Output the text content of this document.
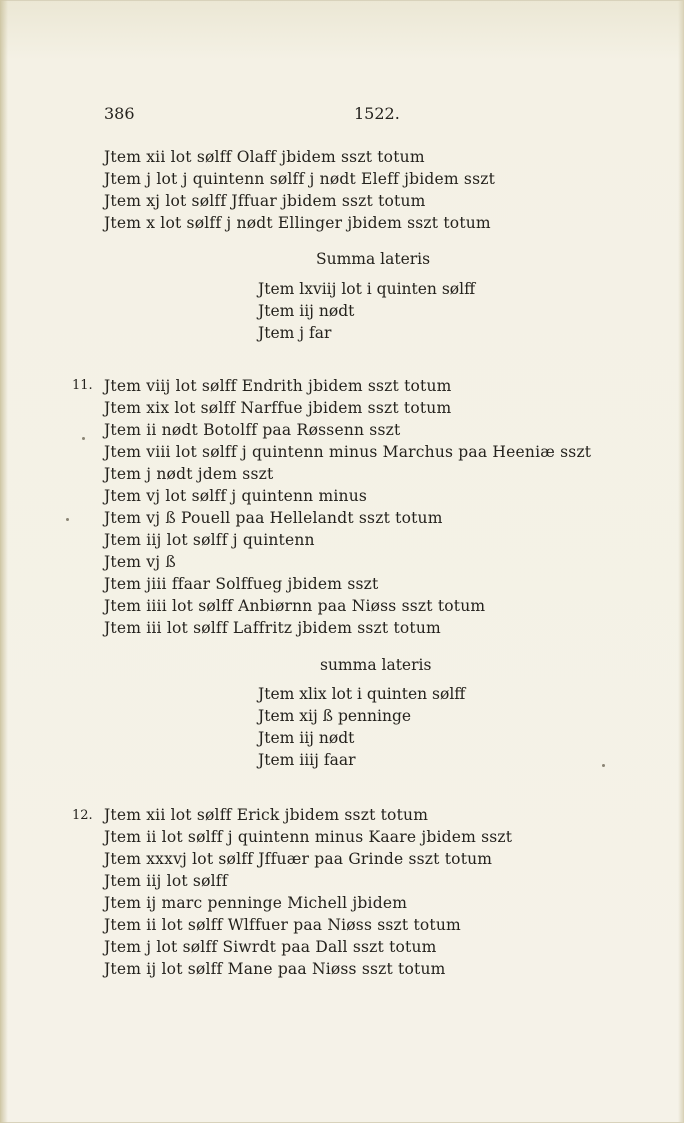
386	1522.
Jtem xii lot sølff Olaff jbidem sszt totum
Jtem j lot j quintenn sølff j nødt Eleff jbidem sszt
Jtem xj lot sølff Jffuar jbidem sszt totum
Jtem x lot sølff j nødt Ellinger jbidem sszt totum
Summa lateris
Jtem lxviij lot i quinten sølff
Jtem iij nødt
Jtem j far
11. Jtem viij lot sølff Endrith jbidem sszt totum
Jtem xix lot sølff Narffue jbidem sszt totum
Jtem ii nødt Botolff paa Røssenn sszt
Jtem viii lot sølff j quintenn minus Marchus paa Heeniæ sszt
Jtem j nødt jdem sszt
Jtem vj lot sølff j quintenn minus
Jtem vj ß Pouell paa Hellelandt sszt totum
Jtem iij lot sølff j quintenn
Jtem vj ß
Jtem jiii ffaar Solffueg jbidem sszt
Jtem iiii lot sølff Anbiørnn paa Niøss sszt totum
Jtem iii lot sølff Laffritz jbidem sszt totum
summa lateris
Jtem xlix lot i quinten sølff
Jtem xij ß penninge
Jtem iij nødt
Jtem iiij faar
12. Jtem xii lot sølff Erick jbidem sszt totum
Jtem ii lot sølff j quintenn minus Kaare jbidem sszt
Jtem xxxvj lot sølff Jffuær paa Grinde sszt totum
Jtem iij lot sølff
Jtem ij marc penninge Michell jbidem
Jtem ii lot sølff Wlffuer paa Niøss sszt totum
Jtem j lot sølff Siwrdt paa Dall sszt totum
Jtem ij lot sølff Mane paa Niøss sszt totum
